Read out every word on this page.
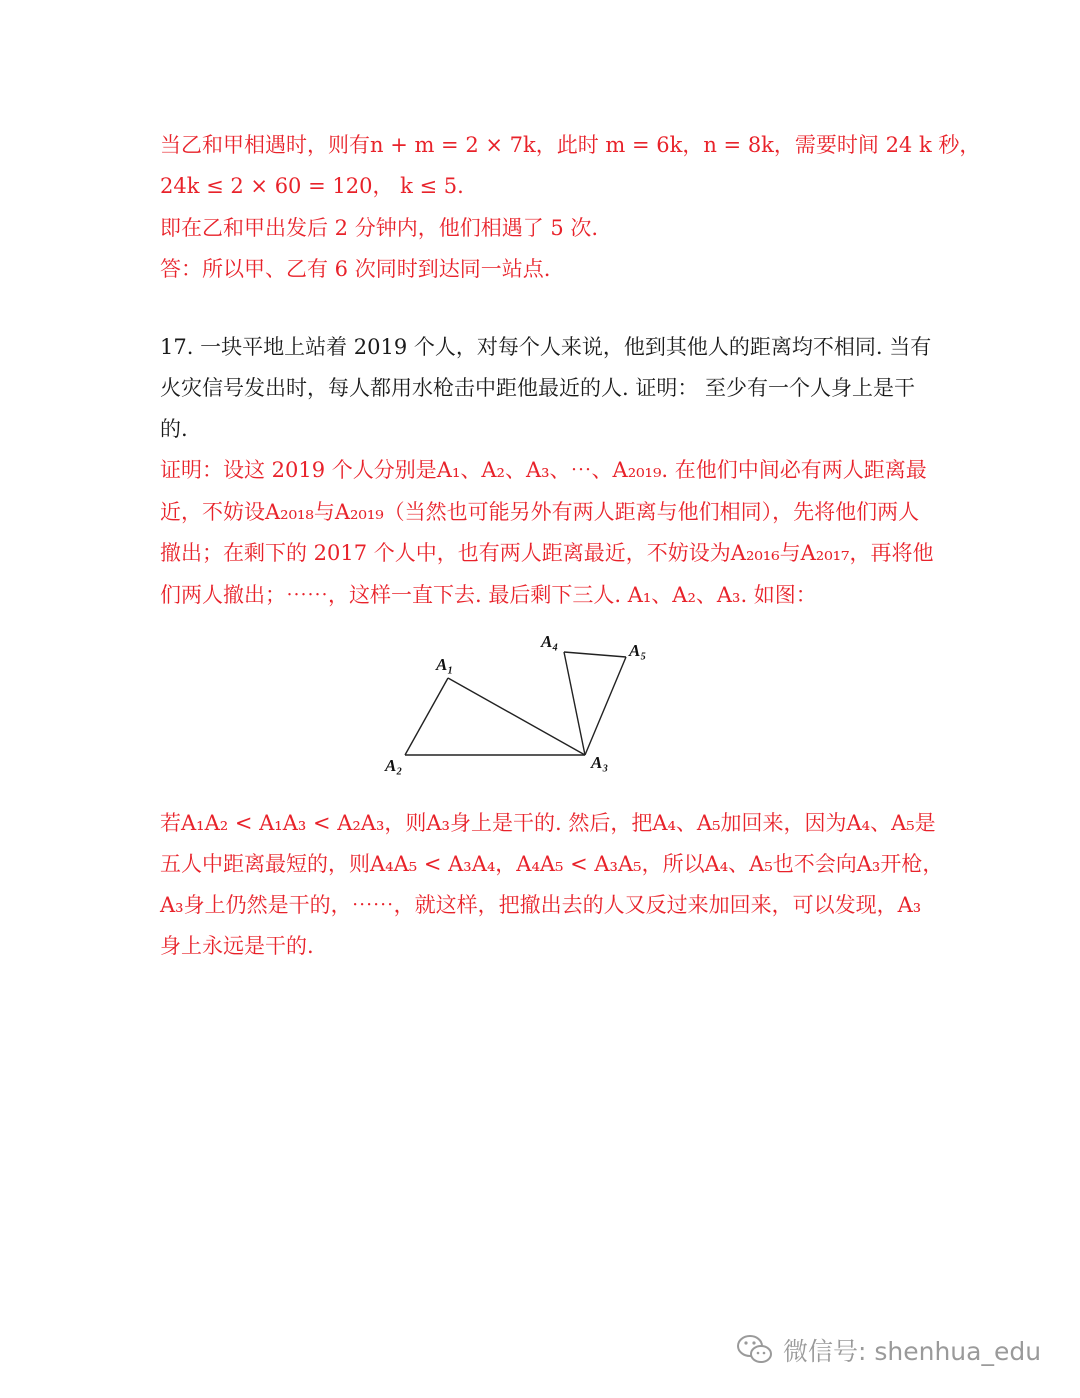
当乙和甲相遇时，则有n + m = 2 × 7k，此时 m = 6k，n = 8k，需要时间 24 k 秒，
24k ≤ 2 × 60 = 120， k ≤ 5.
即在乙和甲出发后 2 分钟内，他们相遇了 5 次.
答：所以甲、乙有 6 次同时到达同一站点.
17. 一块平地上站着 2019 个人，对每个人来说，他到其他人的距离均不相同. 当有
火灾信号发出时，每人都用水枪击中距他最近的人. 证明： 至少有一个人身上是干
的.
证明：设这 2019 个人分别是A₁、A₂、A₃、⋯、A₂₀₁₉. 在他们中间必有两人距离最
近，不妨设A₂₀₁₈与A₂₀₁₉（当然也可能另外有两人距离与他们相同），先将他们两人
撤出；在剩下的 2017 个人中，也有两人距离最近，不妨设为A₂₀₁₆与A₂₀₁₇，再将他
们两人撤出；⋯⋯，这样一直下去. 最后剩下三人. A₁、A₂、A₃. 如图：
A₁
A₂	A₃
A₄	A₅
若A₁A₂ < A₁A₃ < A₂A₃，则A₃身上是干的. 然后，把A₄、A₅加回来，因为A₄、A₅是
五人中距离最短的，则A₄A₅ < A₃A₄，A₄A₅ < A₃A₅，所以A₄、A₅也不会向A₃开枪，
A₃身上仍然是干的，⋯⋯，就这样，把撤出去的人又反过来加回来，可以发现，A₃
身上永远是干的.
微信号: shenhua_edu
